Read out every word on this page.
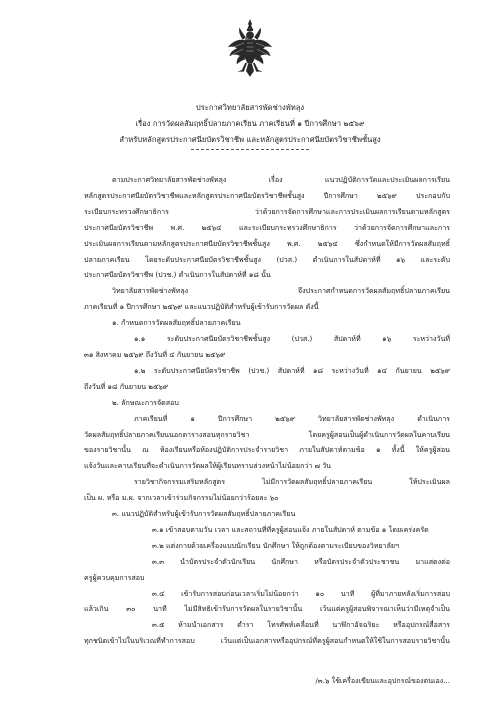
ประกาศวิทยาลัยสารพัดช่างพัทลุง
เรื่อง การวัดผลสัมฤทธิ์ปลายภาคเรียน ภาคเรียนที่ ๑ ปีการศึกษา ๒๕๖๙
สำหรับหลักสูตรประกาศนียบัตรวิชาชีพ และหลักสูตรประกาศนียบัตรวิชาชีพชั้นสูง
ตามประกาศวิทยาลัยสารพัดช่างพัทลุง เรื่อง แนวปฏิบัติการวัดและประเมินผลการเรียน
หลักสูตรประกาศนียบัตรวิชาชีพและหลักสูตรประกาศนียบัตรวิชาชีพชั้นสูง ปีการศึกษา ๒๕๖๙ ประกอบกับ
ระเบียบกระทรวงศึกษาธิการ ว่าด้วยการจัดการศึกษาและการประเมินผลการเรียนตามหลักสูตร
ประกาศนียบัตรวิชาชีพ พ.ศ. ๒๕๖๔ และระเบียบกระทรวงศึกษาธิการ ว่าด้วยการจัดการศึกษาและการ
ประเมินผลการเรียนตามหลักสูตรประกาศนียบัตรวิชาชีพชั้นสูง พ.ศ. ๒๕๖๔ ซึ่งกำหนดให้มีการวัดผลสัมฤทธิ์
ปลายภาคเรียน โดยระดับประกาศนียบัตรวิชาชีพชั้นสูง (ปวส.) ดำเนินการในสัปดาห์ที่ ๑๖ และระดับ
ประกาศนียบัตรวิชาชีพ (ปวช.) ดำเนินการในสัปดาห์ที่ ๑๘ นั้น
วิทยาลัยสารพัดช่างพัทลุง จึงประกาศกำหนดการวัดผลสัมฤทธิ์ปลายภาคเรียน
ภาคเรียนที่ ๑ ปีการศึกษา ๒๕๖๙ และแนวปฏิบัติสำหรับผู้เข้ารับการวัดผล ดังนี้
๑. กำหนดการวัดผลสัมฤทธิ์ปลายภาคเรียน
๑.๑ ระดับประกาศนียบัตรวิชาชีพชั้นสูง (ปวส.) สัปดาห์ที่ ๑๖ ระหว่างวันที่
๓๑ สิงหาคม ๒๕๖๙ ถึงวันที่ ๔ กันยายน ๒๕๖๙
๑.๒ ระดับประกาศนียบัตรวิชาชีพ (ปวช.) สัปดาห์ที่ ๑๘ ระหว่างวันที่ ๑๔ กันยายน ๒๕๖๙
ถึงวันที่ ๑๘ กันยายน ๒๕๖๙
๒. ลักษณะการจัดสอบ
ภาคเรียนที่ ๑ ปีการศึกษา ๒๕๖๙ วิทยาลัยสารพัดช่างพัทลุง ดำเนินการ
วัดผลสัมฤทธิ์ปลายภาคเรียนนอกตารางสอนทุกรายวิชา โดยครูผู้สอนเป็นผู้ดำเนินการวัดผลในคาบเรียน
ของรายวิชานั้น ณ ห้องเรียนหรือห้องปฏิบัติการประจำรายวิชา ภายในสัปดาห์ตามข้อ ๑ ทั้งนี้ ให้ครูผู้สอน
แจ้งวันและคาบเรียนที่จะดำเนินการวัดผลให้ผู้เรียนทราบล่วงหน้าไม่น้อยกว่า ๗ วัน
รายวิชากิจกรรมเสริมหลักสูตร ไม่มีการวัดผลสัมฤทธิ์ปลายภาคเรียน ให้ประเมินผล
เป็น ผ. หรือ ม.ผ. จากเวลาเข้าร่วมกิจกรรมไม่น้อยกว่าร้อยละ ๖๐
๓. แนวปฏิบัติสำหรับผู้เข้ารับการวัดผลสัมฤทธิ์ปลายภาคเรียน
๓.๑ เข้าสอบตามวัน เวลา และสถานที่ที่ครูผู้สอนแจ้ง ภายในสัปดาห์ ตามข้อ ๑ โดยเคร่งครัด
๓.๒ แต่งกายด้วยเครื่องแบบนักเรียน นักศึกษา ให้ถูกต้องตามระเบียบของวิทยาลัยฯ
๓.๓ นำบัตรประจำตัวนักเรียน นักศึกษา หรือบัตรประจำตัวประชาชน มาแสดงต่อ
ครูผู้ควบคุมการสอบ
๓.๔ เข้ารับการสอบก่อนเวลาเริ่มไม่น้อยกว่า ๑๐ นาที ผู้ที่มาภายหลังเริ่มการสอบ
แล้วเกิน ๓๐ นาที ไม่มีสิทธิเข้ารับการวัดผลในรายวิชานั้น เว้นแต่ครูผู้สอนพิจารณาเห็นว่ามีเหตุจำเป็น
๓.๕ ห้ามนำเอกสาร ตำรา โทรศัพท์เคลื่อนที่ นาฬิกาอัจฉริยะ หรืออุปกรณ์สื่อสาร
ทุกชนิดเข้าไปในบริเวณที่ทำการสอบ เว้นแต่เป็นเอกสารหรืออุปกรณ์ที่ครูผู้สอนกำหนดให้ใช้ในการสอบรายวิชานั้น
/๓.๖ ใช้เครื่องเขียนและอุปกรณ์ของตนเอง...
